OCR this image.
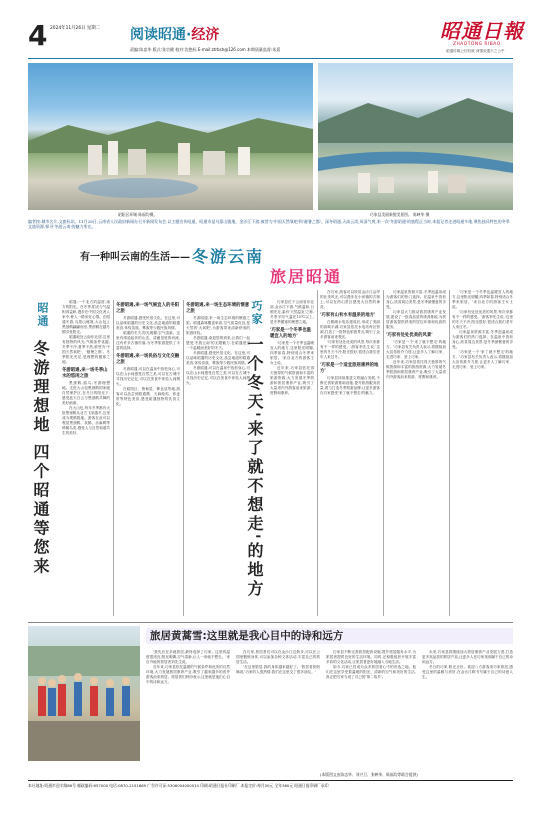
4 2024年11月26日 星期二 阅读昭通·经济
责编:陈忠华 版式:张宗健 校对:沈艳标 E-mail:ztrbsh@126.com 本期质量监督:朱熹
昭通日報
ZHAOTONG RIBAO
昭通传媒公信权威 深情说通天之公乎
昭阳区环城·陈福均摄。	巧家县美丽新貌美景图。 陈映华 摄
编者按:城市名片,文旅标识。11月28日,云南省人民政府新闻办召开新闻发布会,以主题宣传昭通。昭通市是乌蒙山腹地、金沙江下游,被誉为'中国天然氧吧'和'避暑之都'。深冬昭通,天高云淡,风清气爽,来一次'冬游昭通'的旅程正当时,本报记者走进昭通多地,聚焦独具特色的冬季文旅资源,探寻'冬游云南'的魅力所在。
有一种叫云南的生活—— 冬游云南
旅居昭通
昭通
冬游理想地 四个昭通等您来

昭通,一个北方的温度,南方的阳光。在冬季,阳光与气温相得益彰,漫步在中国文化者人家中,使人一路来好心情。在昭通冬游,乌蒙山秘境,大山包上黑颈鹤翩翩而至,黑颈鹤在越冬期享受阳光。

昭通地处云南东北部,这里有独特的风光,气候条件优越,冬季不冷,夏季不热,被誉为'中国天然氧吧'、'避暑之都'。冬季阳光充足,是理想的避寒之地。

冬游昭通,来一场冬季山水的悠闲之旅

黑颈鹤,鸥鸟,冬游理想地。走进大山包黑颈鹤国家级自然保护区,在冬日的阳光下,感受蓝天白云与黑颈鹤共舞的美好画面。

在大山包,每年冬季都有大批黑颈鹤从北方飞来越冬,这里成为观鹤胜地。游客在此可以观赏黑颈鹤、灰鹤、赤麻鸭等珍稀鸟类,感受人与自然和谐共生的美好。

冬游昭通,来一场气候宜人的冬阳之旅

冬游昭通,感受民俗文化。在这里,可以品味昭通的历史文化,品尝地道的昭通美食,体验苗族、彝族等少数民族风情。

昭通的冬天,阳光明媚,空气清新。这里有绵延起伏的山峦、清澈见底的河流,还有许多古镇村落,为冬季旅游提供了丰富的选择。

冬游昭通,来一场民俗与文化交融之旅

冬游昭通,可以在温泉中放松身心,可以在山水间感受自然之美,可以在古城中寻找历史记忆,可以在美食中体验人间烟火。

在昭阳区、鲁甸县、彝良县等地,游客可以品尝到昭通酱、天麻炖鸡、荞麦饼等特色美食,感受昭通独特的饮食文化。

冬游昭通,来一场生态环境的惬意之旅

冬游昭通,来一场生态环境的惬意之旅。昭通森林覆盖率高,空气质量优良,是天然的'大氧吧',为游客带来清新舒适的旅游体验。

冬游昭通,欢迎您的到来,让我们一起感受'冬游云南'的无限魅力,在昭通度过一个温暖而美好的冬天。

冬游昭通,感受民俗文化。在这里,可以品味昭通的历史文化,品尝地道的昭通美食,体验苗族、彝族等少数民族风情。

冬游昭通,可以在温泉中放松身心,可以在山水间感受自然之美,可以在古城中寻找历史记忆,可以在美食中体验人间烟火。

巧家
一个冬天'来了就不想走'的地方

巧家县位于云南省东北部,金沙江下游,气候温和,日照充足,素有'天然温室'之称,冬季平均气温在15℃以上,是冬季避寒的理想之地。

'巧家是一个冬季也温暖宜人的地方'

'巧家是一个冬季也温暖宜人的地方,这里阳光明媚,四季如春,特别适合冬季来旅居。'来自北方的游客王女士说。

近年来,巧家县依托得天独厚的气候资源和丰富的旅游资源,大力发展冬季旅游和旅居康养产业,吸引了大量省内外游客前来旅游、度假和康养。

在巧家,游客可以欣赏金沙江沿岸的壮美风光,可以漫步在小河镇的古街上,可以在药山景区感受大自然的神奇。

'巧家有山有水有温泉的地方'

白鹤滩水电站建成后,形成了美丽的高峡平湖,巧家县依托水电站库区资源,打造了一批特色旅游景点,吸引了众多游客前来观光。

'巧家有处处优美的风景,每次来都有不一样的感受。'游客李先生说,'这里的冬天不冷,阳光很好,很适合我们老年人来过冬。'

'巧家是一个适宜旅居康养的地方'

巧家县持续推进文旅融合发展,不断完善旅游基础设施,提升旅游服务质量,着力打造冬季旅游品牌,让更多游客在巧家感受'来了就不想走'的魅力。

巧家温泉资源丰富,冬季泡温泉成为游客们的热门选择。在温泉中放松身心,欣赏周边美景,是冬季最惬意的享受。

巧家县大力推动旅居康养产业发展,建设了一批高品质的康养基地,为旅居游客提供舒适的居住环境和优质的服务。

'巧家有处处优美的风景'

'巧家是一个'来了就不想走'的地方。'巧家县有关负责人表示,将继续加大宣传推介力度,让更多人了解巧家、走进巧家、爱上巧家。

近年来,巧家县依托得天独厚的气候资源和丰富的旅游资源,大力发展冬季旅游和旅居康养产业,吸引了大量省内外游客前来旅游、度假和康养。

'巧家是一个冬季也温暖宜人的地方,这里阳光明媚,四季如春,特别适合冬季来旅居。'来自北方的游客王女士说。

'巧家有处处优美的风景,每次来都有不一样的感受。'游客李先生说,'这里的冬天不冷,阳光很好,很适合我们老年人来过冬。'

巧家温泉资源丰富,冬季泡温泉成为游客们的热门选择。在温泉中放松身心,欣赏周边美景,是冬季最惬意的享受。

'巧家是一个'来了就不想走'的地方。'巧家县有关负责人表示,将继续加大宣传推介力度,让更多人了解巧家、走进巧家、爱上巧家。

旅居黄蒿雪:这里就是我心目中的诗和远方

'我先后在多地旅居,最终选择了巧家。这里的温度很适宜,阳光明媚,空气清新,让人一来就不想走。'来自外地的旅居者刘先生说。

近年来,巧家县依托温暖的气候条件和优美的自然环境,大力发展旅居康养产业,吸引了越来越多的省外游客前来旅居。旅居者们纷纷表示,这里就是他们心目中的诗和远方。

在巧家,旅居者们可以在金沙江边散步,可以在公园里锻炼身体,可以参加各种文体活动,丰富自己的旅居生活。

'在这里旅居,我的身体越来越好了。'旅居者张阿姨说,'巧家的人很热情,我们在这里交了很多朋友。'

巧家县不断完善旅居配套设施,提升旅居服务水平,为旅居者提供良好的生活环境。同时,还积极组织开展丰富多彩的文化活动,让旅居者更好地融入当地生活。

如今,巧家已经成为众多旅居者心中的首选之地。他们在这里享受着温暖的阳光、清新的空气和美好的生活,真正把巧家当成了自己的'第二故乡'。

未来,巧家县将继续加大旅居康养产业发展力度,打造更多高品质的旅居产品,让更多人在巧家找到属于自己的诗和远方。

冬日的巧家,阳光正好。欢迎八方游客来巧家旅居,感受这里的温暖与美好,在金沙江畔书写属于自己的诗意人生。

(本版图文由陈忠华、刘兴卫、张映华、陈福均等联合提供)
本社地址:昭通市迎丰路86号 邮政编码:657000 电话:0870-2151669 广告许可证:5306004000014 印刷:昭通日报社印刷厂 本报定价:每月30元 全年360元 昭通日报印刷厂承印
